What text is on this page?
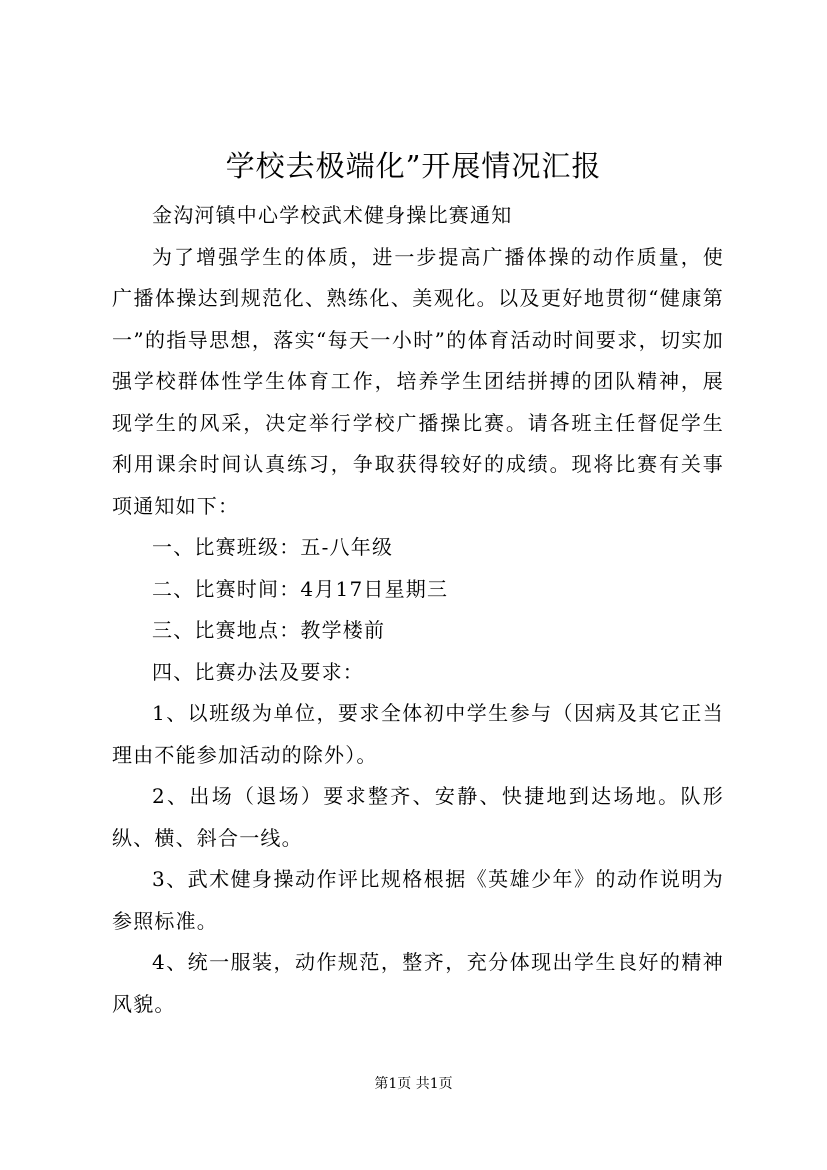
学校去极端化”开展情况汇报

金沟河镇中心学校武术健身操比赛通知

为了增强学生的体质，进一步提高广播体操的动作质量，使广播体操达到规范化、熟练化、美观化。以及更好地贯彻“健康第一”的指导思想，落实“每天一小时”的体育活动时间要求，切实加强学校群体性学生体育工作，培养学生团结拼搏的团队精神，展现学生的风采，决定举行学校广播操比赛。请各班主任督促学生利用课余时间认真练习，争取获得较好的成绩。现将比赛有关事项通知如下：

一、比赛班级：五-八年级

二、比赛时间：4月17日星期三

三、比赛地点：教学楼前

四、比赛办法及要求：

1、以班级为单位，要求全体初中学生参与（因病及其它正当理由不能参加活动的除外）。

2、出场（退场）要求整齐、安静、快捷地到达场地。队形纵、横、斜合一线。

3、武术健身操动作评比规格根据《英雄少年》的动作说明为参照标准。

4、统一服装，动作规范，整齐，充分体现出学生良好的精神风貌。

第1页 共1页
